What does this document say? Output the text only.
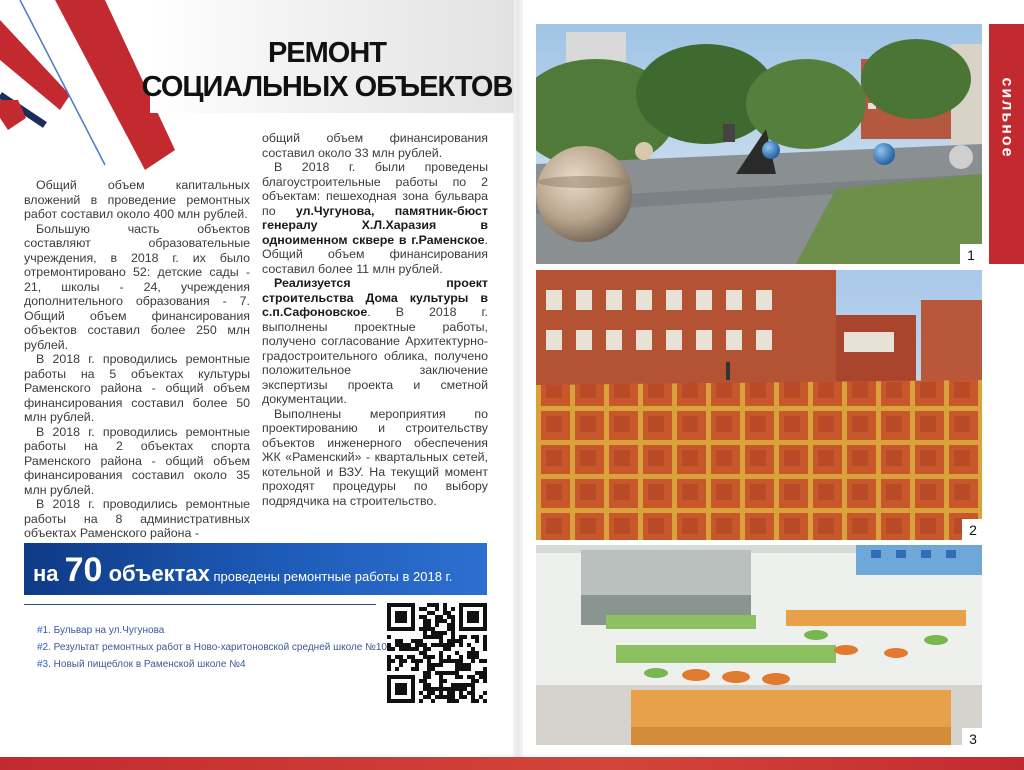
РЕМОНТ
СОЦИАЛЬНЫХ ОБЪЕКТОВ

Общий объем капитальных вложений в проведение ремонтных работ составил около 400 млн рублей.

Большую часть объектов составляют образовательные учреждения, в 2018 г. их было отремонтировано 52: детские сады - 21, школы - 24, учреждения дополнительного образования - 7. Общий объем финансирования объектов составил более 250 млн рублей.

В 2018 г. проводились ремонтные работы на 5 объектах культуры Раменского района - общий объем финансирования составил более 50 млн рублей.

В 2018 г. проводились ремонтные работы на 2 объектах спорта Раменского района - общий объем финансирования составил около 35 млн рублей.

В 2018 г. проводились ремонтные работы на 8 административных объектах Раменского района -

общий объем финансирования составил около 33 млн рублей.

В 2018 г. были проведены благоустроительные работы по 2 объектам: пешеходная зона бульвара по ул.Чугунова, памятник-бюст генералу Х.Л.Харазия в одноименном сквере в г.Раменское. Общий объем финансирования составил более 11 млн рублей.

Реализуется проект строительства Дома культуры в с.п.Сафоновское. В 2018 г. выполнены проектные работы, получено согласование Архитектурно-градостроительного облика, получено положительное заключение экспертизы проекта и сметной документации.

Выполнены мероприятия по проектированию и строительству объектов инженерного обеспечения ЖК «Раменский» - квартальных сетей, котельной и ВЗУ. На текущий момент проходят процедуры по выбору подрядчика на строительство.

на 70 объектах проведены ремонтные работы в 2018 г.
#1. Бульвар на ул.Чугунова
#2. Результат ремонтных работ в Ново-харитоновской средней школе №10
#3. Новый пищеблок в Раменской школе №4
1
2
3
сильное
